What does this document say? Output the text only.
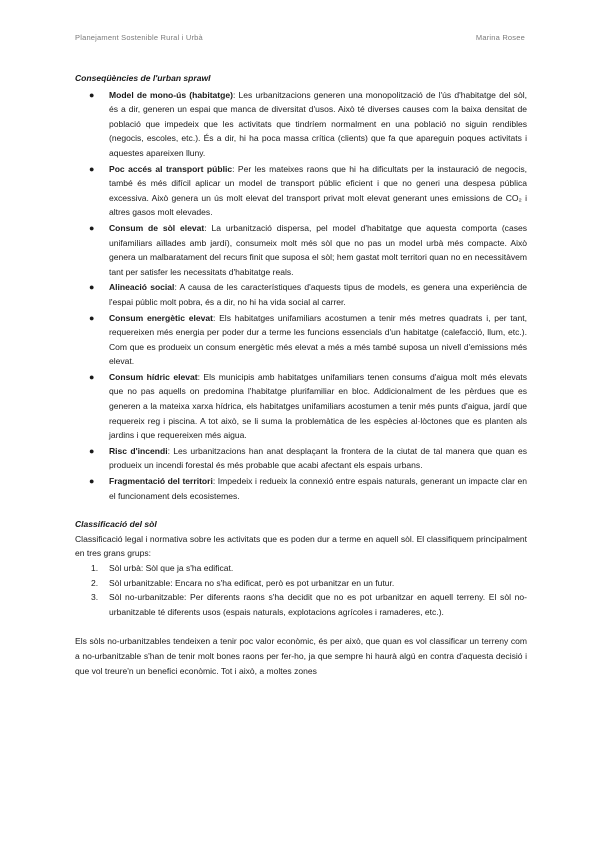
Planejament Sostenible Rural i Urbà	Marina Rosee

Conseqüències de l'urban sprawl

● Model de mono-ús (habitatge): Les urbanitzacions generen una monopolització de l'ús d'habitatge del sòl, és a dir, generen un espai que manca de diversitat d'usos. Això té diverses causes com la baixa densitat de població que impedeix que les activitats que tindríem normalment en una població no siguin rendibles (negocis, escoles, etc.). És a dir, hi ha poca massa crítica (clients) que fa que apareguin poques activitats i aquestes apareixen lluny.
● Poc accés al transport públic: Per les mateixes raons que hi ha dificultats per la instauració de negocis, també és més difícil aplicar un model de transport públic eficient i que no generi una despesa pública excessiva. Això genera un ús molt elevat del transport privat molt elevat generant unes emissions de CO₂ i altres gasos molt elevades.
● Consum de sòl elevat: La urbanització dispersa, pel model d'habitatge que aquesta comporta (cases unifamiliars aïllades amb jardí), consumeix molt més sòl que no pas un model urbà més compacte. Això genera un malbaratament del recurs finit que suposa el sòl; hem gastat molt territori quan no en necessitàvem tant per satisfer les necessitats d'habitatge reals.
● Alineació social: A causa de les característiques d'aquests tipus de models, es genera una experiència de l'espai públic molt pobra, és a dir, no hi ha vida social al carrer.
● Consum energètic elevat: Els habitatges unifamiliars acostumen a tenir més metres quadrats i, per tant, requereixen més energia per poder dur a terme les funcions essencials d'un habitatge (calefacció, llum, etc.). Com que es produeix un consum energètic més elevat a més a més també suposa un nivell d'emissions més elevat.
● Consum hídric elevat: Els municipis amb habitatges unifamiliars tenen consums d'aigua molt més elevats que no pas aquells on predomina l'habitatge plurifamiliar en bloc. Addicionalment de les pèrdues que es generen a la mateixa xarxa hídrica, els habitatges unifamiliars acostumen a tenir més punts d'aigua, jardí que requereix reg i piscina. A tot això, se li suma la problemàtica de les espècies al·lòctones que es planten als jardins i que requereixen més aigua.
● Risc d'incendi: Les urbanitzacions han anat desplaçant la frontera de la ciutat de tal manera que quan es produeix un incendi forestal és més probable que acabi afectant els espais urbans.
● Fragmentació del territori: Impedeix i redueix la connexió entre espais naturals, generant un impacte clar en el funcionament dels ecosistemes.

Classificació del sòl

Classificació legal i normativa sobre les activitats que es poden dur a terme en aquell sòl. El classifiquem principalment en tres grans grups:

1. Sòl urbà: Sòl que ja s'ha edificat.
2. Sòl urbanitzable: Encara no s'ha edificat, però es pot urbanitzar en un futur.
3. Sòl no-urbanitzable: Per diferents raons s'ha decidit que no es pot urbanitzar en aquell terreny. El sòl no-urbanitzable té diferents usos (espais naturals, explotacions agrícoles i ramaderes, etc.).

Els sòls no-urbanitzables tendeixen a tenir poc valor econòmic, és per això, que quan es vol classificar un terreny com a no-urbanitzable s'han de tenir molt bones raons per fer-ho, ja que sempre hi haurà algú en contra d'aquesta decisió i que vol treure'n un benefici econòmic. Tot i això, a moltes zones
